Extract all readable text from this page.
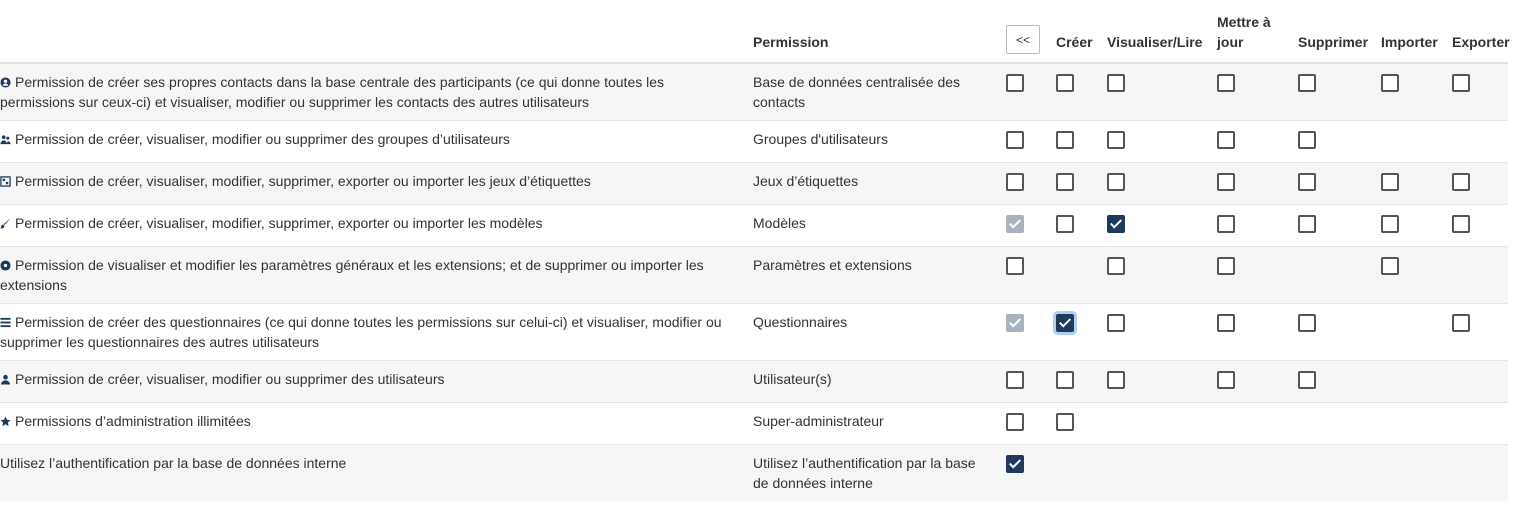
	Permission	<<	Créer	Visualiser/Lire	Mettre à jour	Supprimer	Importer	Exporter

Permission de créer ses propres contacts dans la base centrale des participants (ce qui donne toutes les permissions sur ceux-ci) et visualiser, modifier ou supprimer les contacts des autres utilisateurs	Base de données centralisée des contacts							

Permission de créer, visualiser, modifier ou supprimer des groupes d’utilisateurs	Groupes d'utilisateurs							

Permission de créer, visualiser, modifier, supprimer, exporter ou importer les jeux d’étiquettes	Jeux d’étiquettes							

Permission de créer, visualiser, modifier, supprimer, exporter ou importer les modèles	Modèles							

Permission de visualiser et modifier les paramètres généraux et les extensions; et de supprimer ou importer les extensions	Paramètres et extensions							

Permission de créer des questionnaires (ce qui donne toutes les permissions sur celui-ci) et visualiser, modifier ou supprimer les questionnaires des autres utilisateurs	Questionnaires							

Permission de créer, visualiser, modifier ou supprimer des utilisateurs	Utilisateur(s)							

Permissions d’administration illimitées	Super-administrateur							
Utilisez l’authentification par la base de données interne	Utilisez l’authentification par la base de données interne							
